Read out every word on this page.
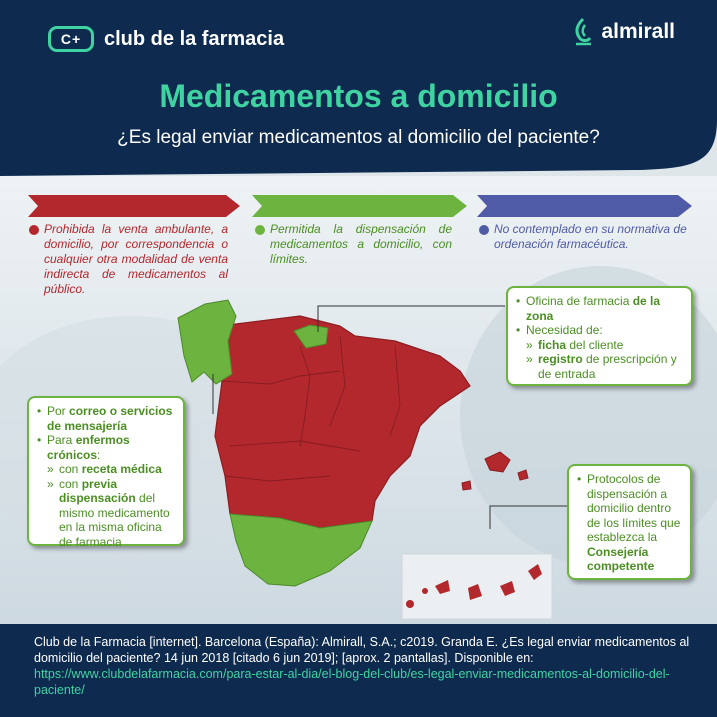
C+ club de la farmacia	almirall
Medicamentos a domicilio
¿Es legal enviar medicamentos al domicilio del paciente?
Prohibida la venta ambulante, a domicilio, por correspondencia o cualquier otra modalidad de venta indirecta de medicamentos al público.
Permitida la dispensación de medicamentos a domicilio, con límites.
No contemplado en su normativa de ordenación farmacéutica.
• Por correo o servicios de mensajería
• Para enfermos crónicos:
» con receta médica
» con previa dispensación del mismo medicamento en la misma oficina de farmacia
• Oficina de farmacia de la zona
• Necesidad de:
» ficha del cliente
» registro de prescripción y de entrada
• Protocolos de dispensación a domicilio dentro de los límites que establezca la Consejería competente

Club de la Farmacia [internet]. Barcelona (España): Almirall, S.A.; c2019. Granda E. ¿Es legal enviar medicamentos al domicilio del paciente? 14 jun 2018 [citado 6 jun 2019]; [aprox. 2 pantallas]. Disponible en: https://www.clubdelafarmacia.com/para-estar-al-dia/el-blog-del-club/es-legal-enviar-medicamentos-al-domicilio-del-paciente/
